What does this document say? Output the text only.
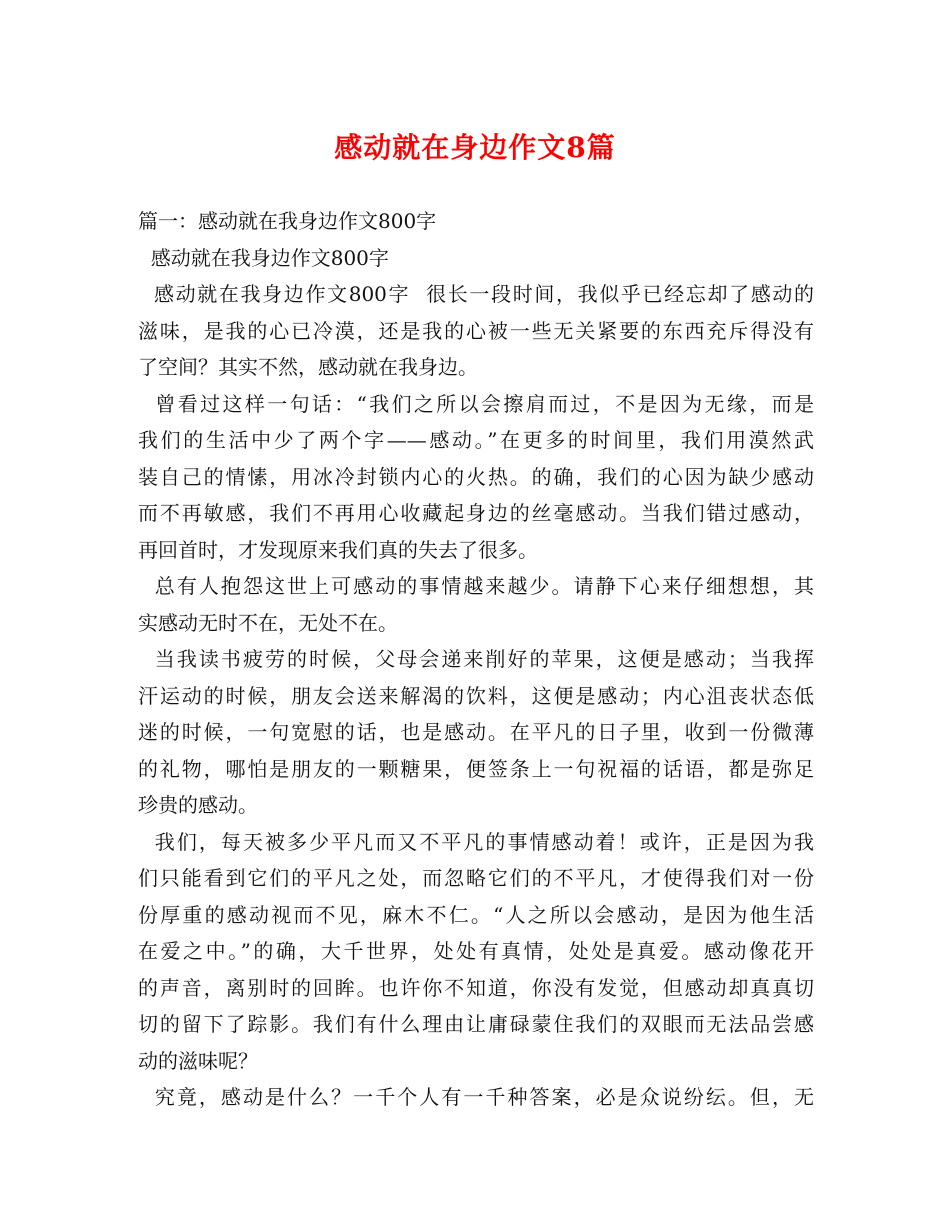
感动就在身边作文8篇
篇一：感动就在我身边作文800字
感动就在我身边作文800字
感动就在我身边作文800字  很长一段时间，我似乎已经忘却了感动的
滋味，是我的心已冷漠，还是我的心被一些无关紧要的东西充斥得没有
了空间？其实不然，感动就在我身边。
曾看过这样一句话：“我们之所以会擦肩而过，不是因为无缘，而是
我们的生活中少了两个字——感动。”在更多的时间里，我们用漠然武
装自己的情愫，用冰冷封锁内心的火热。的确，我们的心因为缺少感动
而不再敏感，我们不再用心收藏起身边的丝毫感动。当我们错过感动，
再回首时，才发现原来我们真的失去了很多。
总有人抱怨这世上可感动的事情越来越少。请静下心来仔细想想，其
实感动无时不在，无处不在。
当我读书疲劳的时候，父母会递来削好的苹果，这便是感动；当我挥
汗运动的时候，朋友会送来解渴的饮料，这便是感动；内心沮丧状态低
迷的时候，一句宽慰的话，也是感动。在平凡的日子里，收到一份微薄
的礼物，哪怕是朋友的一颗糖果，便签条上一句祝福的话语，都是弥足
珍贵的感动。
我们，每天被多少平凡而又不平凡的事情感动着！或许，正是因为我
们只能看到它们的平凡之处，而忽略它们的不平凡，才使得我们对一份
份厚重的感动视而不见，麻木不仁。“人之所以会感动，是因为他生活
在爱之中。”的确，大千世界，处处有真情，处处是真爱。感动像花开
的声音，离别时的回眸。也许你不知道，你没有发觉，但感动却真真切
切的留下了踪影。我们有什么理由让庸碌蒙住我们的双眼而无法品尝感
动的滋味呢？
究竟，感动是什么？一千个人有一千种答案，必是众说纷纭。但，无
